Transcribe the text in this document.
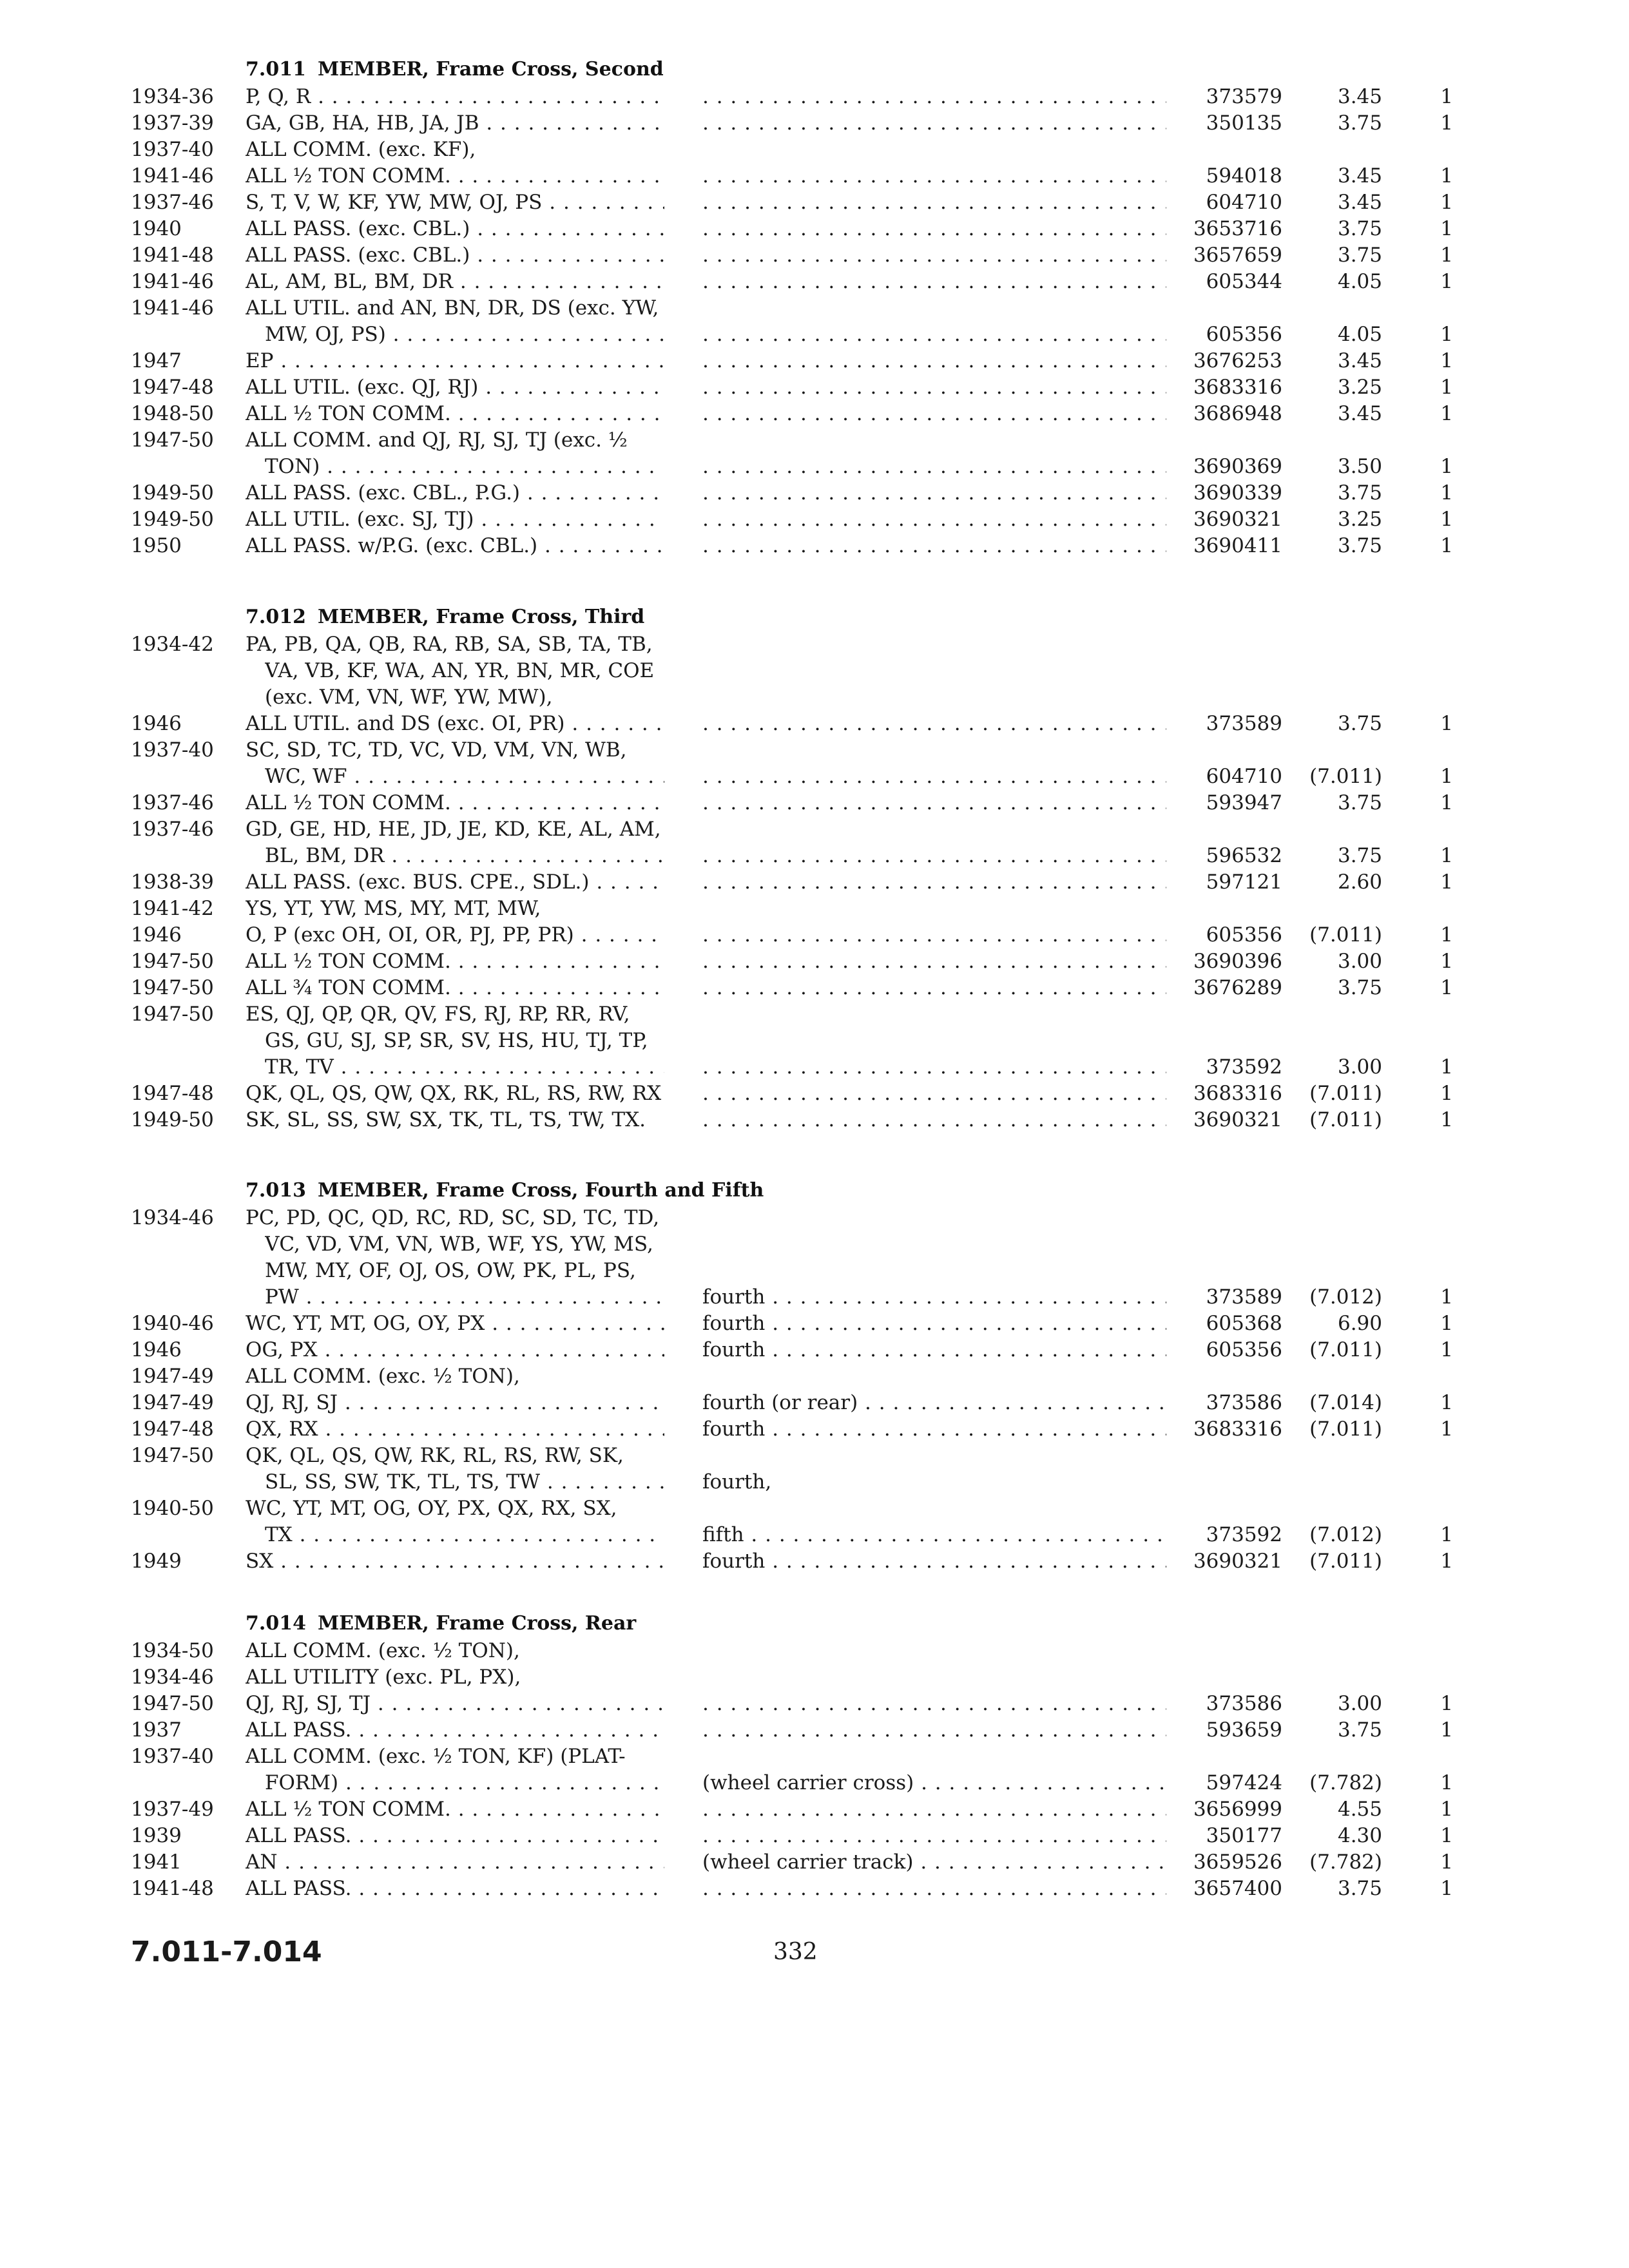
7.011 MEMBER, Frame Cross, Second
1934-36	P, Q, R . . . . . .	373579	3.45	1
1937-39	GA, GB, HA, HB, JA, JB . . . . . .	350135	3.75	1
1937-40	ALL COMM. (exc. KF),
1941-46	ALL ½ TON COMM. . . . . . .	594018	3.45	1
1937-46	S, T, V, W, KF, YW, MW, OJ, PS . . . . . .	604710	3.45	1
1940	ALL PASS. (exc. CBL.) . . . . . .	3653716	3.75	1
1941-48	ALL PASS. (exc. CBL.) . . . . . .	3657659	3.75	1
1941-46	AL, AM, BL, BM, DR . . . . . .	605344	4.05	1
1941-46	ALL UTIL. and AN, BN, DR, DS (exc. YW,
MW, OJ, PS) . . . . . .	605356	4.05	1
1947	EP . . . . . .	3676253	3.45	1
1947-48	ALL UTIL. (exc. QJ, RJ) . . . . . .	3683316	3.25	1
1948-50	ALL ½ TON COMM. . . . . . .	3686948	3.45	1
1947-50	ALL COMM. and QJ, RJ, SJ, TJ (exc. ½
TON) . . . . . .	3690369	3.50	1
1949-50	ALL PASS. (exc. CBL., P.G.) . . . . . .	3690339	3.75	1
1949-50	ALL UTIL. (exc. SJ, TJ) . . . . . .	3690321	3.25	1
1950	ALL PASS. w/P.G. (exc. CBL.) . . . . . .	3690411	3.75	1
7.012 MEMBER, Frame Cross, Third
1934-42	PA, PB, QA, QB, RA, RB, SA, SB, TA, TB,
VA, VB, KF, WA, AN, YR, BN, MR, COE
(exc. VM, VN, WF, YW, MW),
1946	ALL UTIL. and DS (exc. OI, PR) . . . . . .	373589	3.75	1
1937-40	SC, SD, TC, TD, VC, VD, VM, VN, WB,
WC, WF . . . . . .	604710	(7.011)	1
1937-46	ALL ½ TON COMM. . . . . . .	593947	3.75	1
1937-46	GD, GE, HD, HE, JD, JE, KD, KE, AL, AM,
BL, BM, DR . . . . . .	596532	3.75	1
1938-39	ALL PASS. (exc. BUS. CPE., SDL.) . . . . . .	597121	2.60	1
1941-42	YS, YT, YW, MS, MY, MT, MW,
1946	O, P (exc OH, OI, OR, PJ, PP, PR) . . . . . .	605356	(7.011)	1
1947-50	ALL ½ TON COMM. . . . . . .	3690396	3.00	1
1947-50	ALL ¾ TON COMM. . . . . . .	3676289	3.75	1
1947-50	ES, QJ, QP, QR, QV, FS, RJ, RP, RR, RV,
GS, GU, SJ, SP, SR, SV, HS, HU, TJ, TP,
TR, TV . . . . . .	373592	3.00	1
1947-48	QK, QL, QS, QW, QX, RK, RL, RS, RW, RX . . .	3683316	(7.011)	1
1949-50	SK, SL, SS, SW, SX, TK, TL, TS, TW, TX. . . .	3690321	(7.011)	1
7.013 MEMBER, Frame Cross, Fourth and Fifth
1934-46	PC, PD, QC, QD, RC, RD, SC, SD, TC, TD,
VC, VD, VM, VN, WB, WF, YS, YW, MS,
MW, MY, OF, OJ, OS, OW, PK, PL, PS,
PW . . .	fourth . . .	373589	(7.012)	1
1940-46	WC, YT, MT, OG, OY, PX . . .	fourth . . .	605368	6.90	1
1946	OG, PX . . .	fourth . . .	605356	(7.011)	1
1947-49	ALL COMM. (exc. ½ TON),
1947-49	QJ, RJ, SJ . . .	fourth (or rear) . . .	373586	(7.014)	1
1947-48	QX, RX . . .	fourth . . .	3683316	(7.011)	1
1947-50	QK, QL, QS, QW, RK, RL, RS, RW, SK,
SL, SS, SW, TK, TL, TS, TW . . .	fourth,
1940-50	WC, YT, MT, OG, OY, PX, QX, RX, SX,
TX . . .	fifth . . .	373592	(7.012)	1
1949	SX . . .	fourth . . .	3690321	(7.011)	1
7.014 MEMBER, Frame Cross, Rear
1934-50	ALL COMM. (exc. ½ TON),
1934-46	ALL UTILITY (exc. PL, PX),
1947-50	QJ, RJ, SJ, TJ . . . . . .	373586	3.00	1
1937	ALL PASS. . . . . . .	593659	3.75	1
1937-40	ALL COMM. (exc. ½ TON, KF) (PLAT-
FORM) . . .	(wheel carrier cross) . . .	597424	(7.782)	1
1937-49	ALL ½ TON COMM. . . . . . .	3656999	4.55	1
1939	ALL PASS. . . . . . .	350177	4.30	1
1941	AN . . .	(wheel carrier track) . . .	3659526	(7.782)	1
1941-48	ALL PASS. . . . . . .	3657400	3.75	1
7.011-7.014	332
